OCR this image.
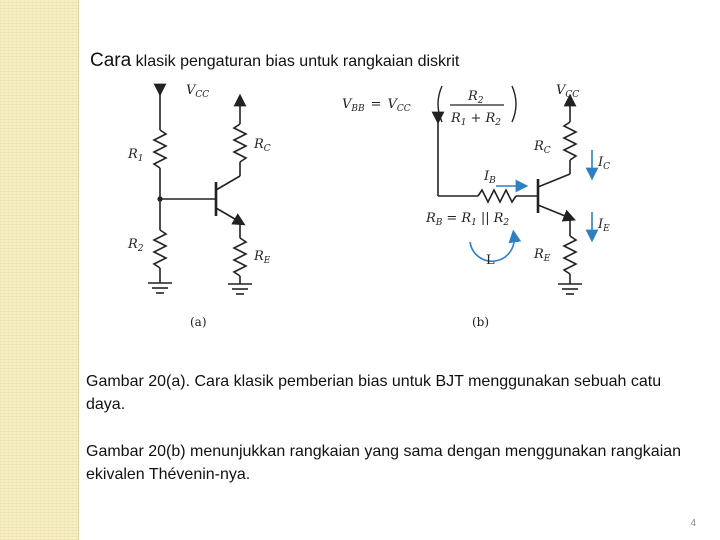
Cara klasik pengaturan bias untuk rangkaian diskrit
$V_{CC}$
$R_1$
$R_2$
$R_C$
$R_E$
(a)
$V_{BB} = V_{CC}$
$R_2$
$R_1 + R_2$
$V_{CC}$
$R_C$
$R_E$
$R_B = R_1$ || $R_2$
$I_B$
$I_C$
$I_E$
L
(b)
Gambar 20(a). Cara klasik pemberian bias untuk BJT menggunakan sebuah catu daya.
Gambar 20(b) menunjukkan rangkaian yang sama dengan menggunakan rangkaian ekivalen Thévenin-nya.
4
